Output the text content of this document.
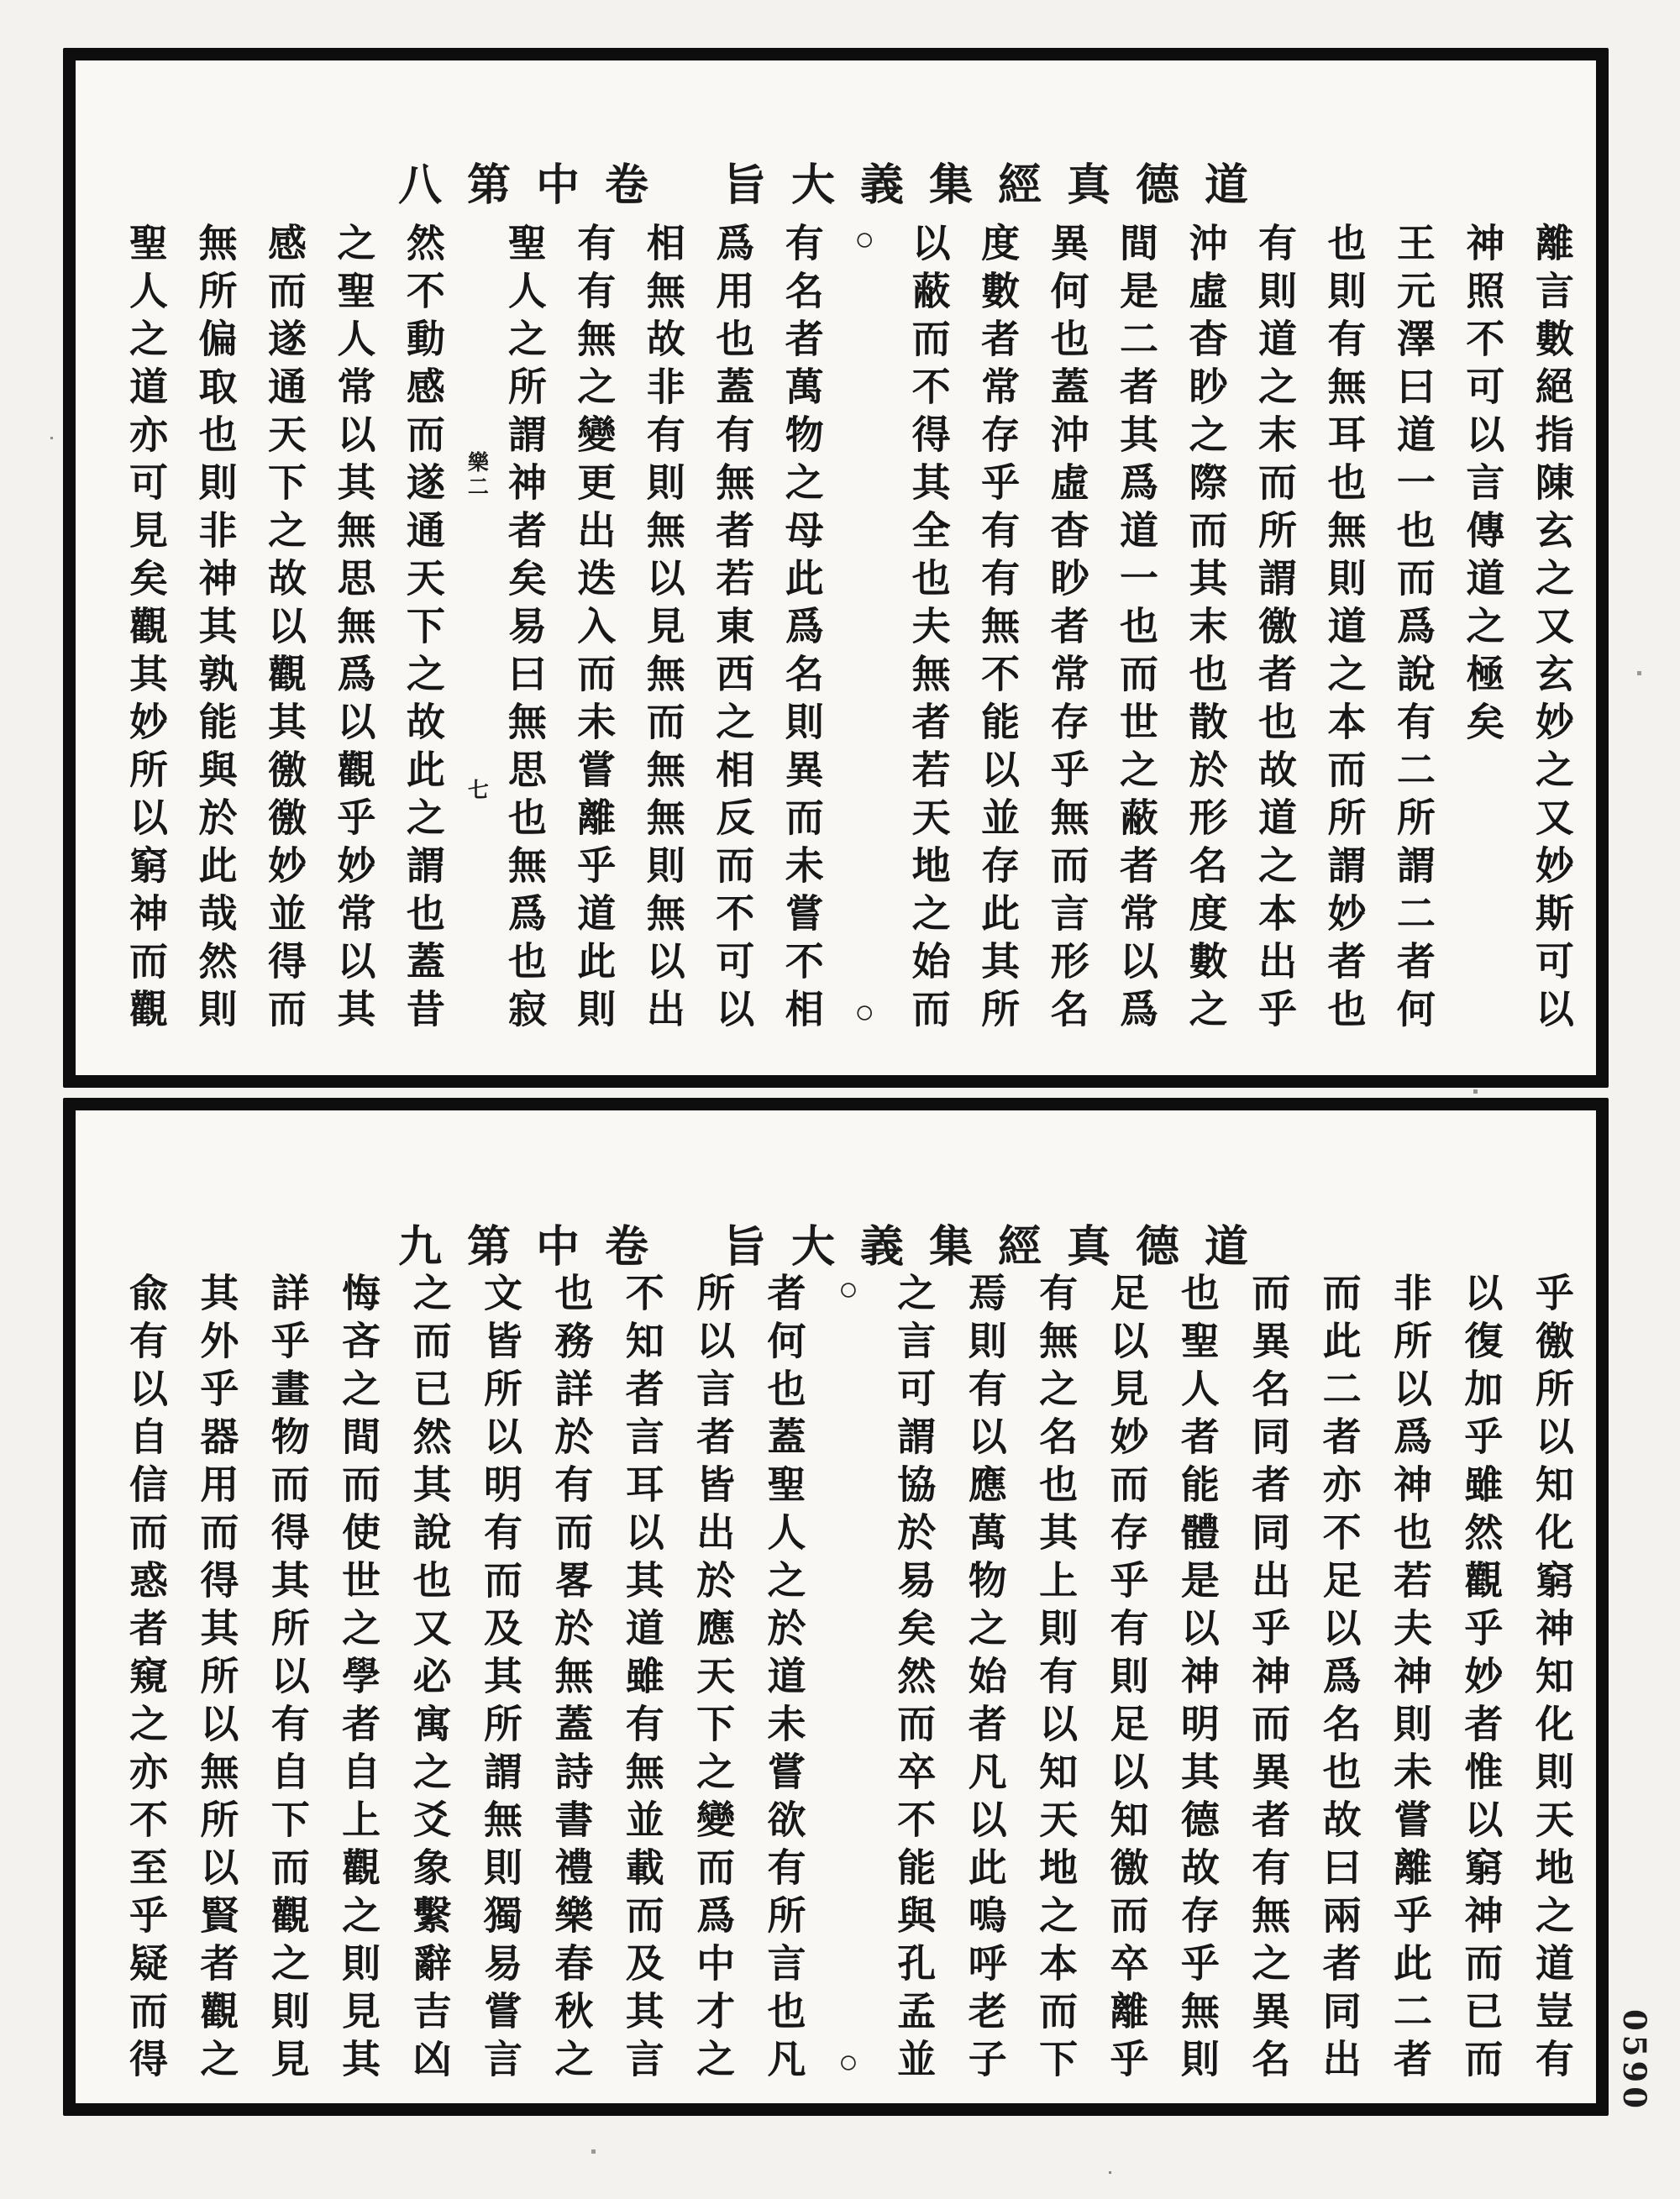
八第中卷 旨大義集經真德道
離言數絕指陳玄之又玄妙之又妙斯可以
神照不可以言傳道之極矣
王元澤曰道一也而爲說有二所謂二者何
也則有無耳也無則道之本而所謂妙者也
有則道之末而所謂徼者也故道之本出乎
沖虛杳眇之際而其末也散於形名度數之
間是二者其爲道一也而世之蔽者常以爲
異何也蓋沖虛杳眇者常存乎無而言形名
度數者常存乎有有無不能以並存此其所
以蔽而不得其全也夫無者若天地之始而
○
○
有名者萬物之母此爲名則異而未嘗不相
爲用也蓋有無者若東西之相反而不可以
相無故非有則無以見無而無無則無以出
有有無之變更出迭入而未嘗離乎道此則
聖人之所謂神者矣易曰無思也無爲也寂
樂二
七
然不動感而遂通天下之故此之謂也蓋昔
之聖人常以其無思無爲以觀乎妙常以其
感而遂通天下之故以觀其徼徼妙並得而
無所偏取也則非神其孰能與於此哉然則
聖人之道亦可見矣觀其妙所以窮神而觀
九第中卷 旨大義集經真德道
乎徼所以知化窮神知化則天地之道豈有
以復加乎雖然觀乎妙者惟以窮神而已而
非所以爲神也若夫神則未嘗離乎此二者
而此二者亦不足以爲名也故曰兩者同出
而異名同者同出乎神而異者有無之異名
也聖人者能體是以神明其德故存乎無則
足以見妙而存乎有則足以知徼而卒離乎
有無之名也其上則有以知天地之本而下
焉則有以應萬物之始者凡以此嗚呼老子
之言可謂協於易矣然而卒不能與孔孟並
○
○
者何也蓋聖人之於道未嘗欲有所言也凡
所以言者皆出於應天下之變而爲中才之
不知者言耳以其道雖有無並載而及其言
也務詳於有而畧於無蓋詩書禮樂春秋之
文皆所以明有而及其所謂無則獨易嘗言
之而已然其說也又必寓之爻象繫辭吉凶
悔吝之間而使世之學者自上觀之則見其
詳乎畫物而得其所以有自下而觀之則見
其外乎器用而得其所以無所以賢者觀之
兪有以自信而惑者窺之亦不至乎疑而得	0590
